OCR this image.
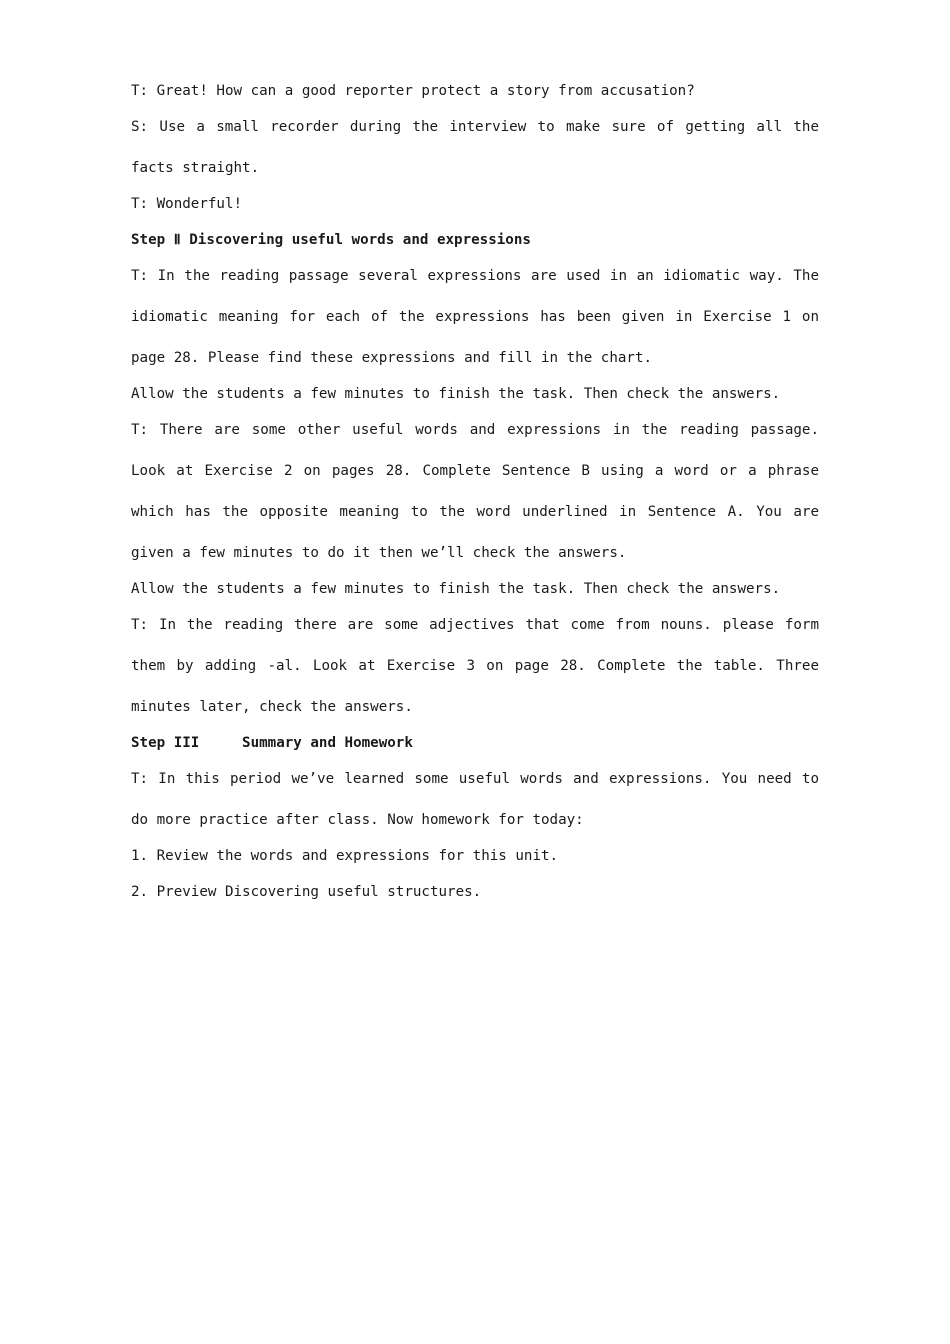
T: Great! How can a good reporter protect a story from accusation?
S: Use a small recorder during the interview to make sure of getting all the facts straight.
T: Wonderful!
Step Ⅱ Discovering useful words and expressions
T: In the reading passage several expressions are used in an idiomatic way. The idiomatic meaning for each of the expressions has been given in Exercise 1 on page 28. Please find these expressions and fill in the chart.
Allow the students a few minutes to finish the task. Then check the answers.
T: There are some other useful words and expressions in the reading passage. Look at Exercise 2 on pages 28. Complete Sentence B using a word or a phrase which has the opposite meaning to the word underlined in Sentence A. You are given a few minutes to do it then we’ll check the answers.
Allow the students a few minutes to finish the task. Then check the answers.
T: In the reading there are some adjectives that come from nouns. please form them by adding -al. Look at Exercise 3 on page 28. Complete the table. Three minutes later, check the answers.
Step III     Summary and Homework
T: In this period we’ve learned some useful words and expressions. You need to do more practice after class. Now homework for today:
1. Review the words and expressions for this unit.
2. Preview Discovering useful structures.
